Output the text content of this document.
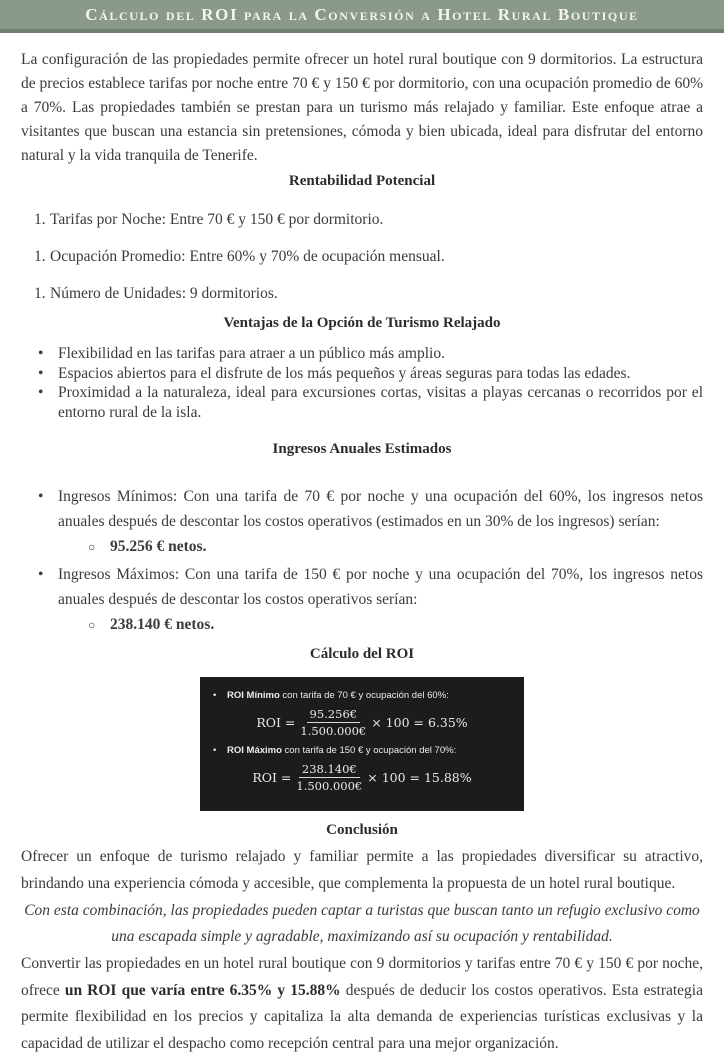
Cálculo del ROI para la Conversión a Hotel Rural Boutique

La configuración de las propiedades permite ofrecer un hotel rural boutique con 9 dormitorios. La estructura de precios establece tarifas por noche entre 70 € y 150 € por dormitorio, con una ocupación promedio de 60% a 70%. Las propiedades también se prestan para un turismo más relajado y familiar. Este enfoque atrae a visitantes que buscan una estancia sin pretensiones, cómoda y bien ubicada, ideal para disfrutar del entorno natural y la vida tranquila de Tenerife.

Rentabilidad Potencial
1. Tarifas por Noche: Entre 70 € y 150 € por dormitorio.
1. Ocupación Promedio: Entre 60% y 70% de ocupación mensual.
1. Número de Unidades: 9 dormitorios.
Ventajas de la Opción de Turismo Relajado
• Flexibilidad en las tarifas para atraer a un público más amplio.
• Espacios abiertos para el disfrute de los más pequeños y áreas seguras para todas las edades.
• Proximidad a la naturaleza, ideal para excursiones cortas, visitas a playas cercanas o recorridos por el entorno rural de la isla.
Ingresos Anuales Estimados
• Ingresos Mínimos: Con una tarifa de 70 € por noche y una ocupación del 60%, los ingresos netos anuales después de descontar los costos operativos (estimados en un 30% de los ingresos) serían:
○ 95.256 € netos.
• Ingresos Máximos: Con una tarifa de 150 € por noche y una ocupación del 70%, los ingresos netos anuales después de descontar los costos operativos serían:
○ 238.140 € netos.
Cálculo del ROI
•	ROI Mínimo con tarifa de 70 € y ocupación del 60%:
ROI = $\frac{95.256€}{1.500.000€} \times 100 = 6.35\%$
•	ROI Máximo con tarifa de 150 € y ocupación del 70%:
ROI = $\frac{238.140€}{1.500.000€} \times 100 = 15.88\%$
Conclusión

Ofrecer un enfoque de turismo relajado y familiar permite a las propiedades diversificar su atractivo, brindando una experiencia cómoda y accesible, que complementa la propuesta de un hotel rural boutique.

Con esta combinación, las propiedades pueden captar a turistas que buscan tanto un refugio exclusivo como una escapada simple y agradable, maximizando así su ocupación y rentabilidad.

Convertir las propiedades en un hotel rural boutique con 9 dormitorios y tarifas entre 70 € y 150 € por noche, ofrece un ROI que varía entre 6.35% y 15.88% después de deducir los costos operativos. Esta estrategia permite flexibilidad en los precios y capitaliza la alta demanda de experiencias turísticas exclusivas y la capacidad de utilizar el despacho como recepción central para una mejor organización.
